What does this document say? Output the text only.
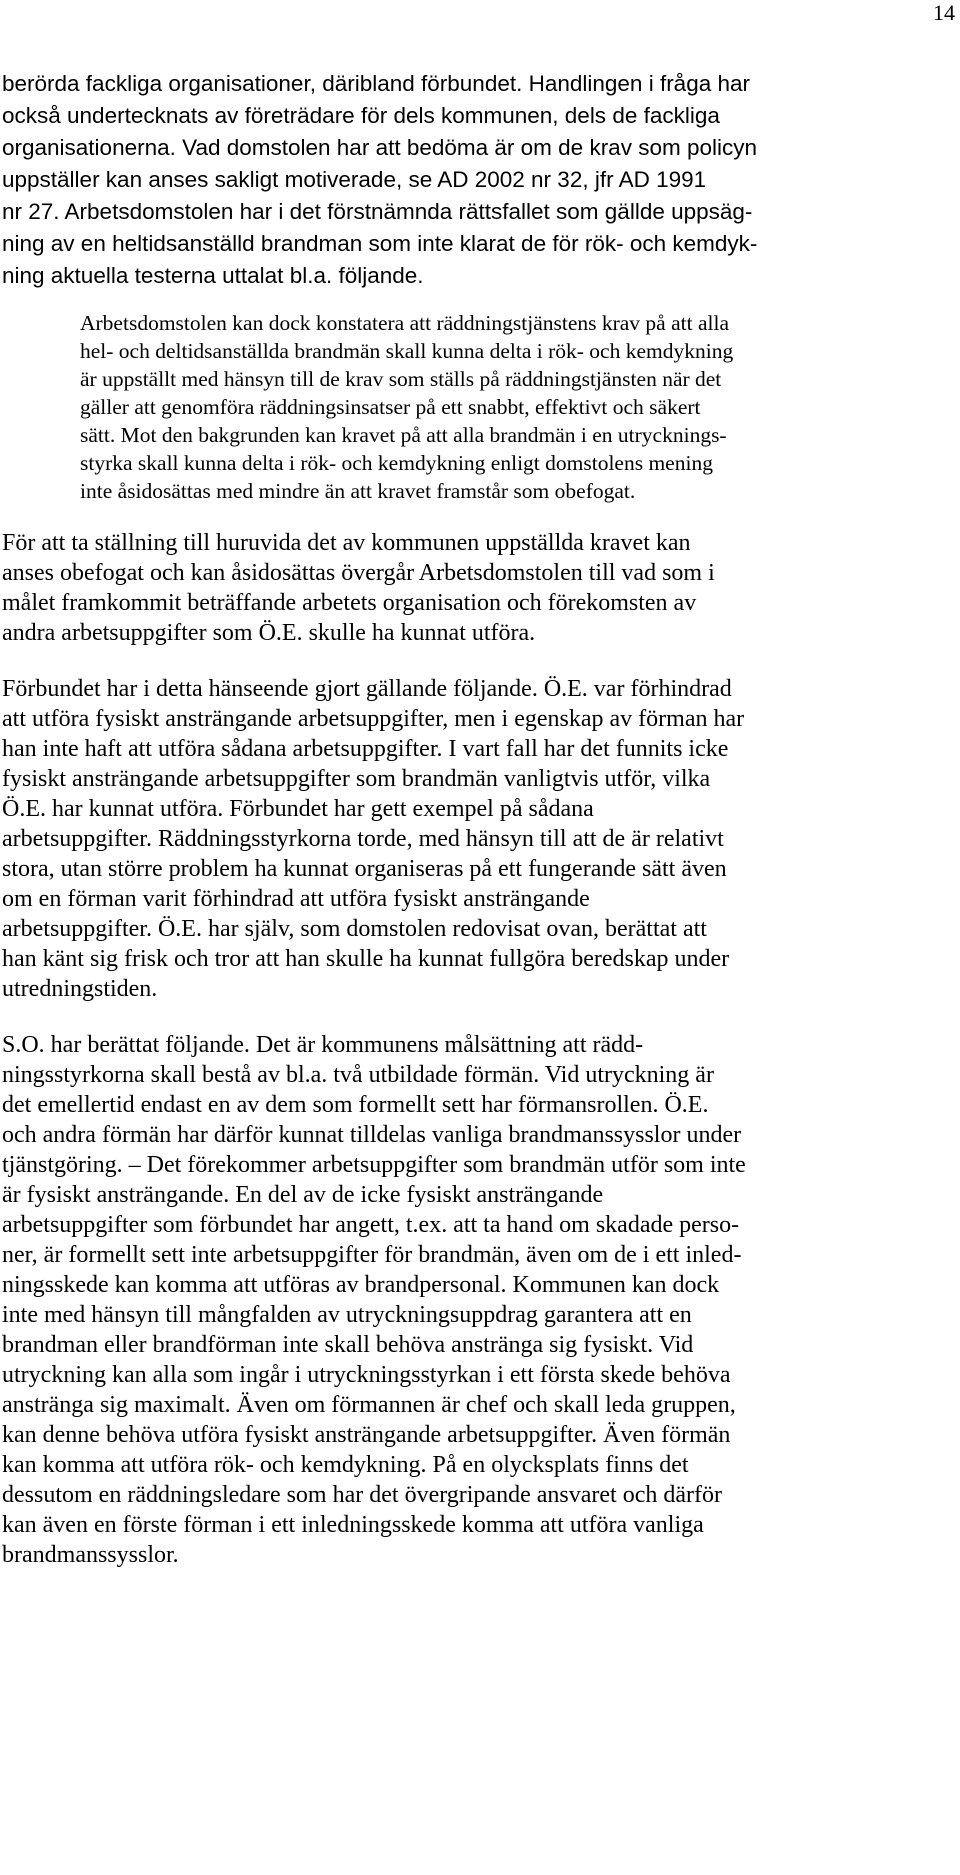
14

berörda fackliga organisationer, däribland förbundet. Handlingen i fråga har

också undertecknats av företrädare för dels kommunen, dels de fackliga

organisationerna. Vad domstolen har att bedöma är om de krav som policyn

uppställer kan anses sakligt motiverade, se AD 2002 nr 32, jfr AD 1991

nr 27. Arbetsdomstolen har i det förstnämnda rättsfallet som gällde uppsäg-

ning av en heltidsanställd brandman som inte klarat de för rök- och kemdyk-

ning aktuella testerna uttalat bl.a. följande.

Arbetsdomstolen kan dock konstatera att räddningstjänstens krav på att alla

hel- och deltidsanställda brandmän skall kunna delta i rök- och kemdykning

är uppställt med hänsyn till de krav som ställs på räddningstjänsten när det

gäller att genomföra räddningsinsatser på ett snabbt, effektivt och säkert

sätt. Mot den bakgrunden kan kravet på att alla brandmän i en utrycknings-

styrka skall kunna delta i rök- och kemdykning enligt domstolens mening

inte åsidosättas med mindre än att kravet framstår som obefogat.

För att ta ställning till huruvida det av kommunen uppställda kravet kan

anses obefogat och kan åsidosättas övergår Arbetsdomstolen till vad som i

målet framkommit beträffande arbetets organisation och förekomsten av

andra arbetsuppgifter som Ö.E. skulle ha kunnat utföra.

Förbundet har i detta hänseende gjort gällande följande. Ö.E. var förhindrad

att utföra fysiskt ansträngande arbetsuppgifter, men i egenskap av förman har

han inte haft att utföra sådana arbetsuppgifter. I vart fall har det funnits icke

fysiskt ansträngande arbetsuppgifter som brandmän vanligtvis utför, vilka

Ö.E. har kunnat utföra. Förbundet har gett exempel på sådana

arbetsuppgifter. Räddningsstyrkorna torde, med hänsyn till att de är relativt

stora, utan större problem ha kunnat organiseras på ett fungerande sätt även

om en förman varit förhindrad att utföra fysiskt ansträngande

arbetsuppgifter. Ö.E. har själv, som domstolen redovisat ovan, berättat att

han känt sig frisk och tror att han skulle ha kunnat fullgöra beredskap under

utredningstiden.

S.O. har berättat följande. Det är kommunens målsättning att rädd-

ningsstyrkorna skall bestå av bl.a. två utbildade förmän. Vid utryckning är

det emellertid endast en av dem som formellt sett har förmansrollen. Ö.E.

och andra förmän har därför kunnat tilldelas vanliga brandmanssysslor under

tjänstgöring. – Det förekommer arbetsuppgifter som brandmän utför som inte

är fysiskt ansträngande. En del av de icke fysiskt ansträngande

arbetsuppgifter som förbundet har angett, t.ex. att ta hand om skadade perso-

ner, är formellt sett inte arbetsuppgifter för brandmän, även om de i ett inled-

ningsskede kan komma att utföras av brandpersonal. Kommunen kan dock

inte med hänsyn till mångfalden av utryckningsuppdrag garantera att en

brandman eller brandförman inte skall behöva anstränga sig fysiskt. Vid

utryckning kan alla som ingår i utryckningsstyrkan i ett första skede behöva

anstränga sig maximalt. Även om förmannen är chef och skall leda gruppen,

kan denne behöva utföra fysiskt ansträngande arbetsuppgifter. Även förmän

kan komma att utföra rök- och kemdykning. På en olycksplats finns det

dessutom en räddningsledare som har det övergripande ansvaret och därför

kan även en förste förman i ett inledningsskede komma att utföra vanliga

brandmanssysslor.
